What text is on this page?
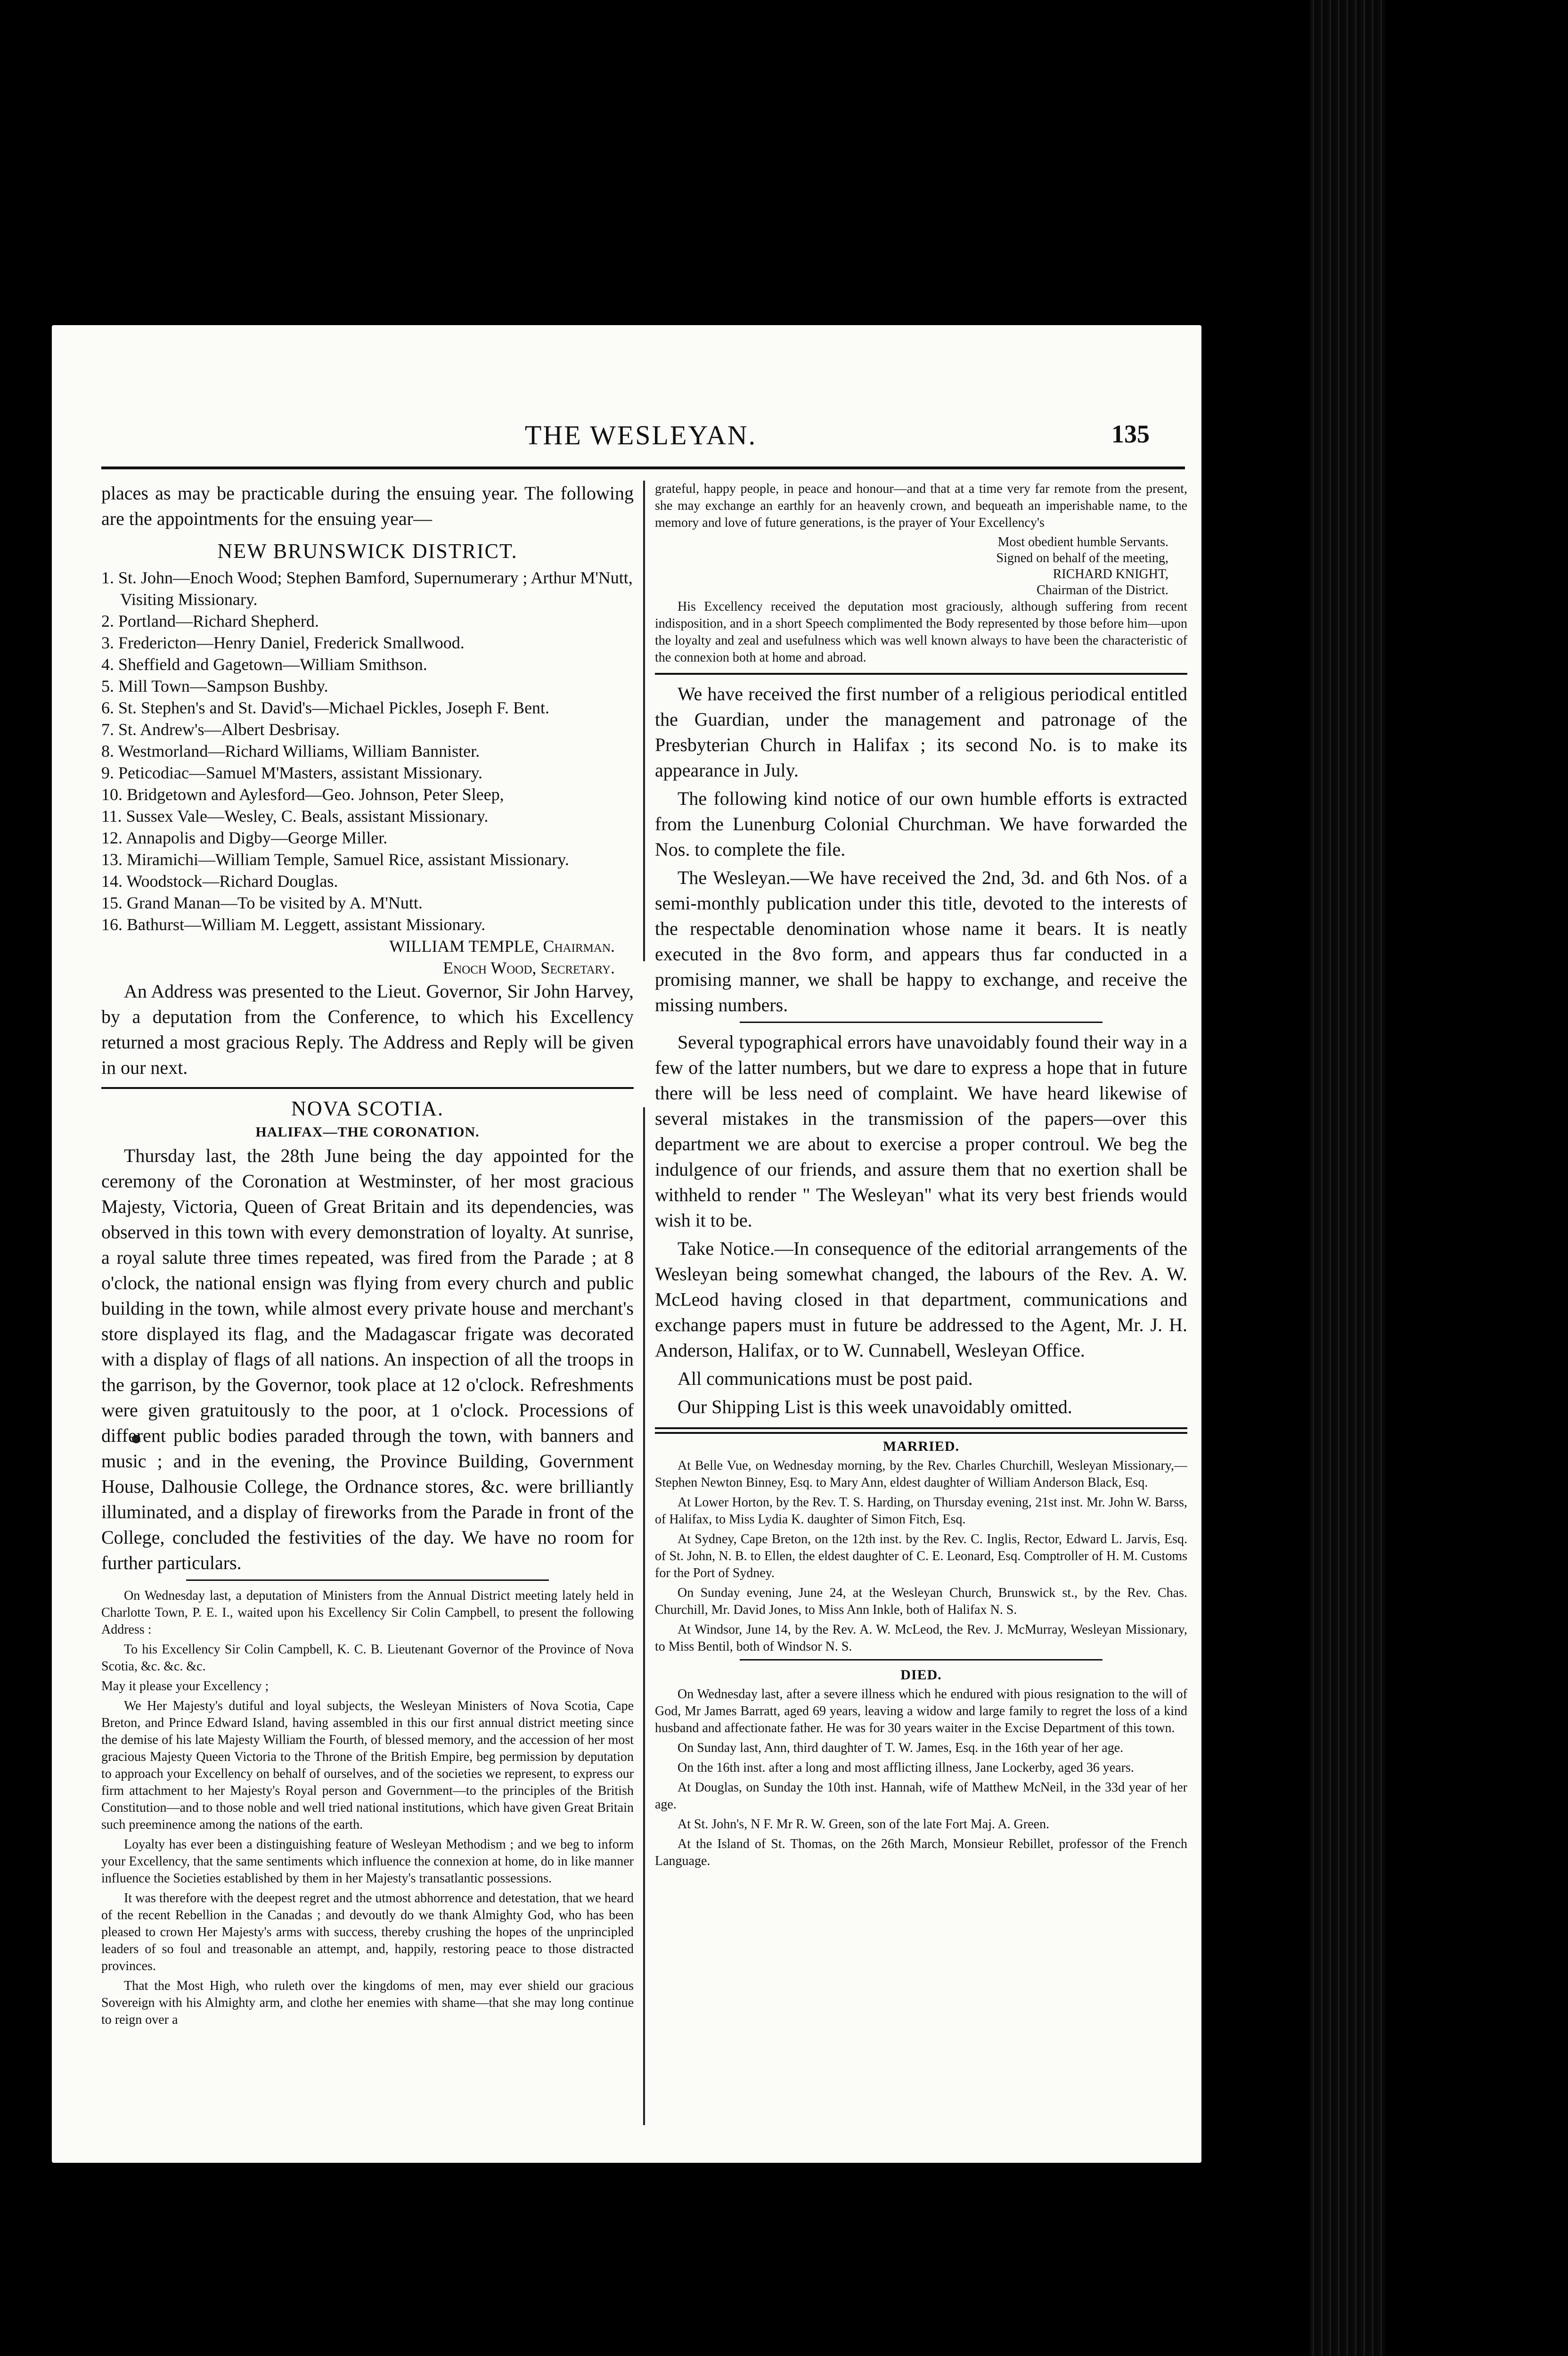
THE WESLEYAN.	135

places as may be practicable during the ensuing year. The following are the appointments for the ensuing year—

NEW BRUNSWICK DISTRICT.
1. St. John—Enoch Wood; Stephen Bamford, Supernumerary ; Arthur M'Nutt, Visiting Missionary.
2. Portland—Richard Shepherd.
3. Fredericton—Henry Daniel, Frederick Smallwood.
4. Sheffield and Gagetown—William Smithson.
5. Mill Town—Sampson Bushby.
6. St. Stephen's and St. David's—Michael Pickles, Joseph F. Bent.
7. St. Andrew's—Albert Desbrisay.
8. Westmorland—Richard Williams, William Bannister.
9. Peticodiac—Samuel M'Masters, assistant Missionary.
10. Bridgetown and Aylesford—Geo. Johnson, Peter Sleep,
11. Sussex Vale—Wesley, C. Beals, assistant Missionary.
12. Annapolis and Digby—George Miller.
13. Miramichi—William Temple, Samuel Rice, assistant Missionary.
14. Woodstock—Richard Douglas.
15. Grand Manan—To be visited by A. M'Nutt.
16. Bathurst—William M. Leggett, assistant Missionary.
WILLIAM TEMPLE, Chairman.
Enoch Wood, Secretary.

An Address was presented to the Lieut. Governor, Sir John Harvey, by a deputation from the Conference, to which his Excellency returned a most gracious Reply. The Address and Reply will be given in our next.

NOVA SCOTIA.
HALIFAX—THE CORONATION.

Thursday last, the 28th June being the day appointed for the ceremony of the Coronation at Westminster, of her most gracious Majesty, Victoria, Queen of Great Britain and its dependencies, was observed in this town with every demonstration of loyalty. At sunrise, a royal salute three times repeated, was fired from the Parade ; at 8 o'clock, the national ensign was flying from every church and public building in the town, while almost every private house and merchant's store displayed its flag, and the Madagascar frigate was decorated with a display of flags of all nations. An inspection of all the troops in the garrison, by the Governor, took place at 12 o'clock. Refreshments were given gratuitously to the poor, at 1 o'clock. Processions of different public bodies paraded through the town, with banners and music ; and in the evening, the Province Building, Government House, Dalhousie College, the Ordnance stores, &c. were brilliantly illuminated, and a display of fireworks from the Parade in front of the College, concluded the festivities of the day. We have no room for further particulars.

On Wednesday last, a deputation of Ministers from the Annual District meeting lately held in Charlotte Town, P. E. I., waited upon his Excellency Sir Colin Campbell, to present the following Address :

To his Excellency Sir Colin Campbell, K. C. B. Lieutenant Governor of the Province of Nova Scotia, &c. &c. &c.

May it please your Excellency ;

We Her Majesty's dutiful and loyal subjects, the Wesleyan Ministers of Nova Scotia, Cape Breton, and Prince Edward Island, having assembled in this our first annual district meeting since the demise of his late Majesty William the Fourth, of blessed memory, and the accession of her most gracious Majesty Queen Victoria to the Throne of the British Empire, beg permission by deputation to approach your Excellency on behalf of ourselves, and of the societies we represent, to express our firm attachment to her Majesty's Royal person and Government—to the principles of the British Constitution—and to those noble and well tried national institutions, which have given Great Britain such preeminence among the nations of the earth.

Loyalty has ever been a distinguishing feature of Wesleyan Methodism ; and we beg to inform your Excellency, that the same sentiments which influence the connexion at home, do in like manner influence the Societies established by them in her Majesty's transatlantic possessions.

It was therefore with the deepest regret and the utmost abhorrence and detestation, that we heard of the recent Rebellion in the Canadas ; and devoutly do we thank Almighty God, who has been pleased to crown Her Majesty's arms with success, thereby crushing the hopes of the unprincipled leaders of so foul and treasonable an attempt, and, happily, restoring peace to those distracted provinces.

That the Most High, who ruleth over the kingdoms of men, may ever shield our gracious Sovereign with his Almighty arm, and clothe her enemies with shame—that she may long continue to reign over a

grateful, happy people, in peace and honour—and that at a time very far remote from the present, she may exchange an earthly for an heavenly crown, and bequeath an imperishable name, to the memory and love of future generations, is the prayer of Your Excellency's

Most obedient humble Servants.
Signed on behalf of the meeting,
RICHARD KNIGHT,
Chairman of the District.

His Excellency received the deputation most graciously, although suffering from recent indisposition, and in a short Speech complimented the Body represented by those before him—upon the loyalty and zeal and usefulness which was well known always to have been the characteristic of the connexion both at home and abroad.

We have received the first number of a religious periodical entitled the Guardian, under the management and patronage of the Presbyterian Church in Halifax ; its second No. is to make its appearance in July.

The following kind notice of our own humble efforts is extracted from the Lunenburg Colonial Churchman. We have forwarded the Nos. to complete the file.

The Wesleyan.—We have received the 2nd, 3d. and 6th Nos. of a semi-monthly publication under this title, devoted to the interests of the respectable denomination whose name it bears. It is neatly executed in the 8vo form, and appears thus far conducted in a promising manner, we shall be happy to exchange, and receive the missing numbers.

Several typographical errors have unavoidably found their way in a few of the latter numbers, but we dare to express a hope that in future there will be less need of complaint. We have heard likewise of several mistakes in the transmission of the papers—over this department we are about to exercise a proper controul. We beg the indulgence of our friends, and assure them that no exertion shall be withheld to render " The Wesleyan" what its very best friends would wish it to be.

Take Notice.—In consequence of the editorial arrangements of the Wesleyan being somewhat changed, the labours of the Rev. A. W. McLeod having closed in that department, communications and exchange papers must in future be addressed to the Agent, Mr. J. H. Anderson, Halifax, or to W. Cunnabell, Wesleyan Office.

All communications must be post paid.

Our Shipping List is this week unavoidably omitted.

MARRIED.

At Belle Vue, on Wednesday morning, by the Rev. Charles Churchill, Wesleyan Missionary,—Stephen Newton Binney, Esq. to Mary Ann, eldest daughter of William Anderson Black, Esq.

At Lower Horton, by the Rev. T. S. Harding, on Thursday evening, 21st inst. Mr. John W. Barss, of Halifax, to Miss Lydia K. daughter of Simon Fitch, Esq.

At Sydney, Cape Breton, on the 12th inst. by the Rev. C. Inglis, Rector, Edward L. Jarvis, Esq. of St. John, N. B. to Ellen, the eldest daughter of C. E. Leonard, Esq. Comptroller of H. M. Customs for the Port of Sydney.

On Sunday evening, June 24, at the Wesleyan Church, Brunswick st., by the Rev. Chas. Churchill, Mr. David Jones, to Miss Ann Inkle, both of Halifax N. S.

At Windsor, June 14, by the Rev. A. W. McLeod, the Rev. J. McMurray, Wesleyan Missionary, to Miss Bentil, both of Windsor N. S.

DIED.

On Wednesday last, after a severe illness which he endured with pious resignation to the will of God, Mr James Barratt, aged 69 years, leaving a widow and large family to regret the loss of a kind husband and affectionate father. He was for 30 years waiter in the Excise Department of this town.

On Sunday last, Ann, third daughter of T. W. James, Esq. in the 16th year of her age.

On the 16th inst. after a long and most afflicting illness, Jane Lockerby, aged 36 years.

At Douglas, on Sunday the 10th inst. Hannah, wife of Matthew McNeil, in the 33d year of her age.

At St. John's, N F. Mr R. W. Green, son of the late Fort Maj. A. Green.

At the Island of St. Thomas, on the 26th March, Monsieur Rebillet, professor of the French Language.
